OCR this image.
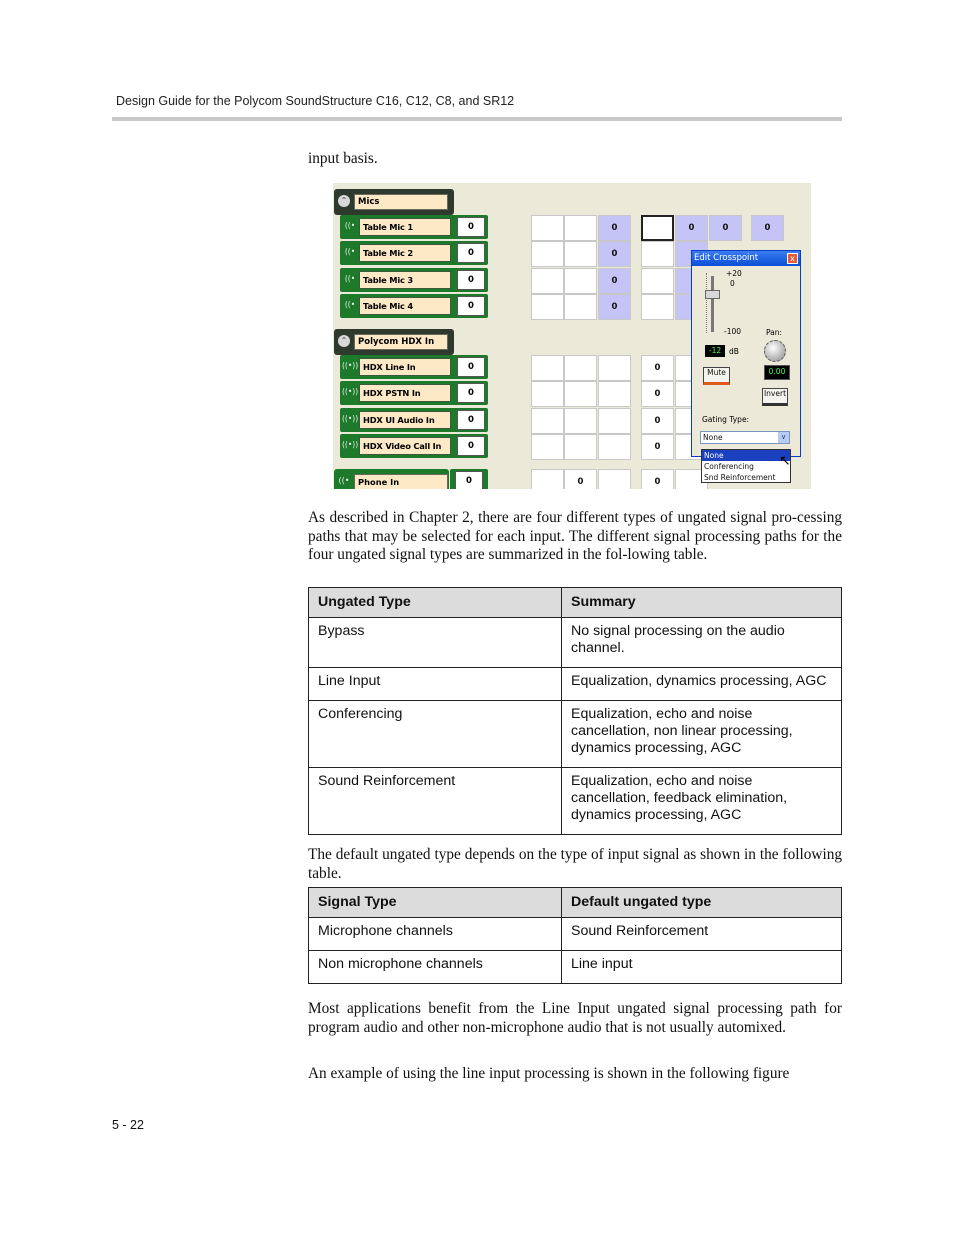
Design Guide for the Polycom SoundStructure C16, C12, C8, and SR12
input basis.
⌃	Mics
((• Table Mic 1	0
((• Table Mic 2	0
((• Table Mic 3	0
((• Table Mic 4	0
⌃	Polycom HDX In
((•)) HDX Line In	0
((•)) HDX PSTN In	0
((•)) HDX UI Audio In	0
((•)) HDX Video Call In	0
((•	Phone In	0
0	0	0	0
0
0
0
0
0
0
0
0	0
Edit Crosspoint	x
+20
0
-100
-12	dB
Pan:
Mute	0.00
Invert
Gating Type:
None	∨
None
Conferencing
Snd Reinforcement
↖
As described in Chapter 2, there are four different types of ungated signal pro-cessing paths that may be selected for each input. The different signal processing paths for the four ungated signal types are summarized in the fol-lowing table.
Ungated Type	Summary
Bypass	No signal processing on the audio channel.
Line Input	Equalization, dynamics processing, AGC
Conferencing	Equalization, echo and noise cancellation, non linear processing, dynamics processing, AGC
Sound Reinforcement	Equalization, echo and noise cancellation, feedback elimination, dynamics processing, AGC
The default ungated type depends on the type of input signal as shown in the following table.
Signal Type	Default ungated type
Microphone channels	Sound Reinforcement
Non microphone channels	Line input
Most applications benefit from the Line Input ungated signal processing path for program audio and other non-microphone audio that is not usually automixed.
An example of using the line input processing is shown in the following figure
5 - 22
